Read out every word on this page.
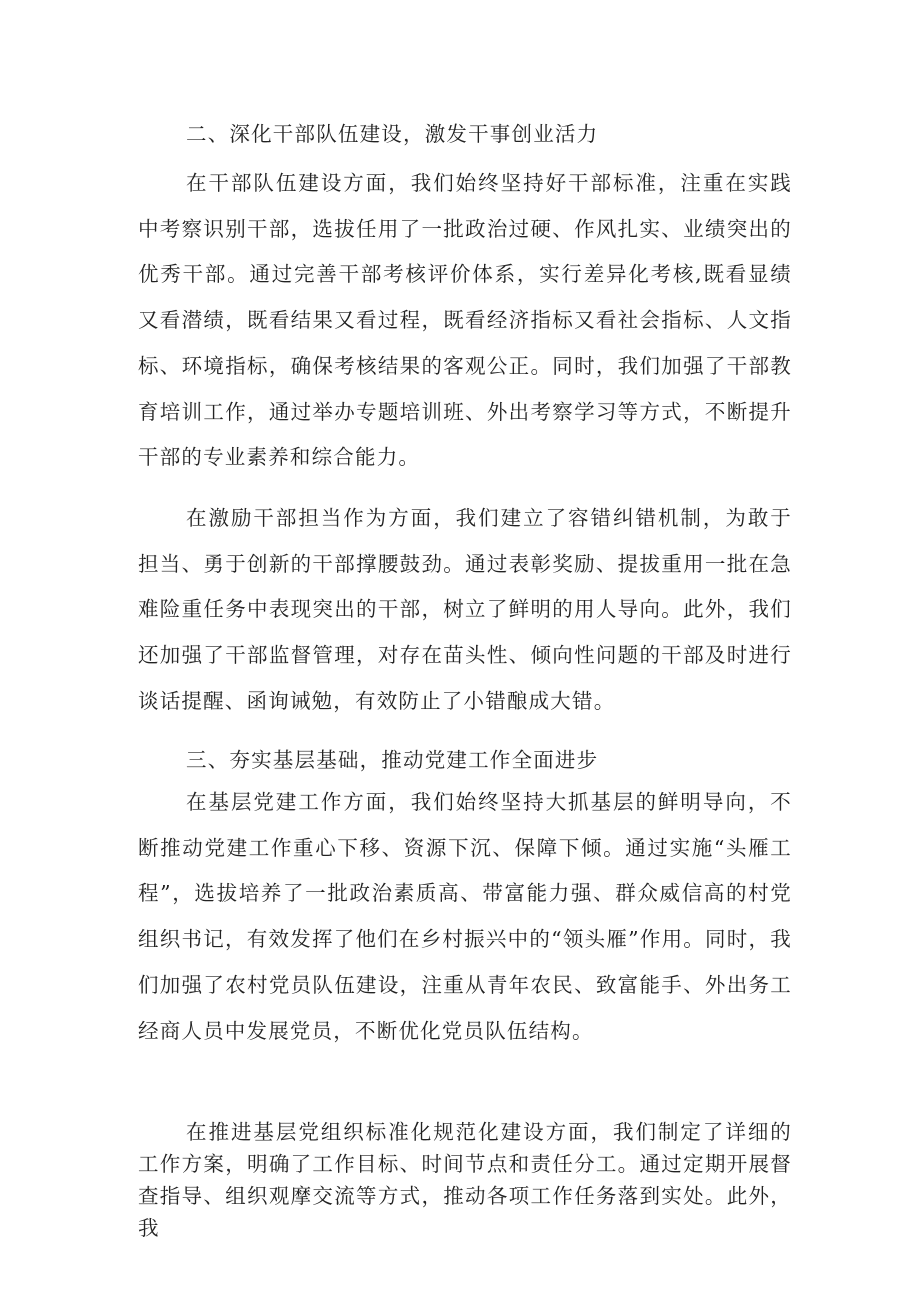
二、深化干部队伍建设，激发干事创业活力

在干部队伍建设方面，我们始终坚持好干部标准，注重在实践中考察识别干部，选拔任用了一批政治过硬、作风扎实、业绩突出的优秀干部。通过完善干部考核评价体系，实行差异化考核,既看显绩又看潜绩，既看结果又看过程，既看经济指标又看社会指标、人文指标、环境指标，确保考核结果的客观公正。同时，我们加强了干部教育培训工作，通过举办专题培训班、外出考察学习等方式，不断提升干部的专业素养和综合能力。

在激励干部担当作为方面，我们建立了容错纠错机制，为敢于担当、勇于创新的干部撑腰鼓劲。通过表彰奖励、提拔重用一批在急难险重任务中表现突出的干部，树立了鲜明的用人导向。此外，我们还加强了干部监督管理，对存在苗头性、倾向性问题的干部及时进行谈话提醒、函询诫勉，有效防止了小错酿成大错。

三、夯实基层基础，推动党建工作全面进步

在基层党建工作方面，我们始终坚持大抓基层的鲜明导向，不断推动党建工作重心下移、资源下沉、保障下倾。通过实施“头雁工程”，选拔培养了一批政治素质高、带富能力强、群众威信高的村党组织书记，有效发挥了他们在乡村振兴中的“领头雁”作用。同时，我们加强了农村党员队伍建设，注重从青年农民、致富能手、外出务工经商人员中发展党员，不断优化党员队伍结构。

在推进基层党组织标准化规范化建设方面，我们制定了详细的工作方案，明确了工作目标、时间节点和责任分工。通过定期开展督查指导、组织观摩交流等方式，推动各项工作任务落到实处。此外，我
